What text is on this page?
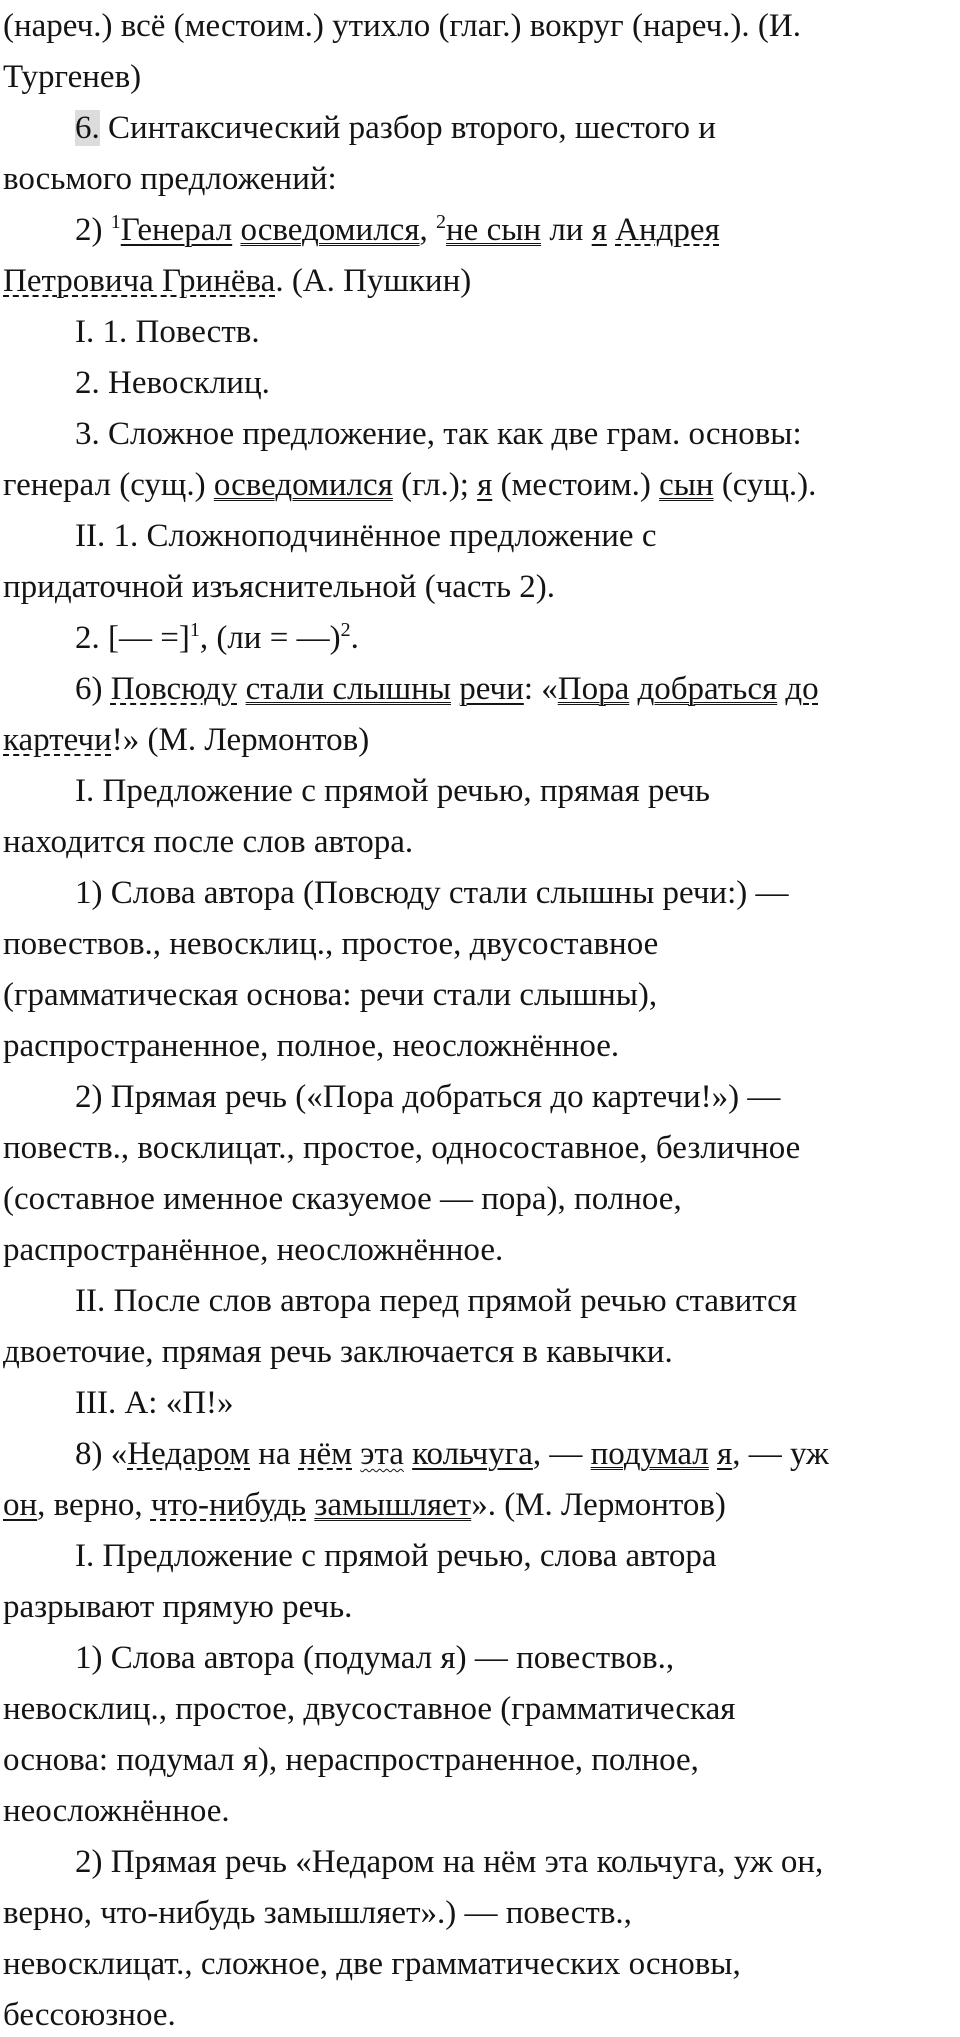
(нареч.) всё (местоим.) утихло (глаг.) вокруг (нареч.). (И.
Тургенев)
6. Синтаксический разбор второго, шестого и
восьмого предложений:
2) $^1$Генерал осведомился, $^2$не сын ли я Андрея
Петровича Гринёва. (А. Пушкин)
I. 1. Повеств.
2. Невосклиц.
3. Сложное предложение, так как две грам. основы:
генерал (сущ.) осведомился (гл.); я (местоим.) сын (сущ.).
II. 1. Сложноподчинённое предложение с
придаточной изъяснительной (часть 2).
2. [— =]$^1$, (ли = —)$^2$.
6) Повсюду стали слышны речи: «Пора добраться до
картечи!» (М. Лермонтов)
I. Предложение с прямой речью, прямая речь
находится после слов автора.
1) Слова автора (Повсюду стали слышны речи:) —
повествов., невосклиц., простое, двусоставное
(грамматическая основа: речи стали слышны),
распространенное, полное, неосложнённое.
2) Прямая речь («Пора добраться до картечи!») —
повеств., восклицат., простое, односоставное, безличное
(составное именное сказуемое — пора), полное,
распространённое, неосложнённое.
II. После слов автора перед прямой речью ставится
двоеточие, прямая речь заключается в кавычки.
III. А: «П!»
8) «Недаром на нём эта кольчуга, — подумал я, — уж
он, верно, что-нибудь замышляет». (М. Лермонтов)
I. Предложение с прямой речью, слова автора
разрывают прямую речь.
1) Слова автора (подумал я) — повествов.,
невосклиц., простое, двусоставное (грамматическая
основа: подумал я), нераспространенное, полное,
неосложнённое.
2) Прямая речь «Недаром на нём эта кольчуга, уж он,
верно, что-нибудь замышляет».) — повеств.,
невосклицат., сложное, две грамматических основы,
бессоюзное.
